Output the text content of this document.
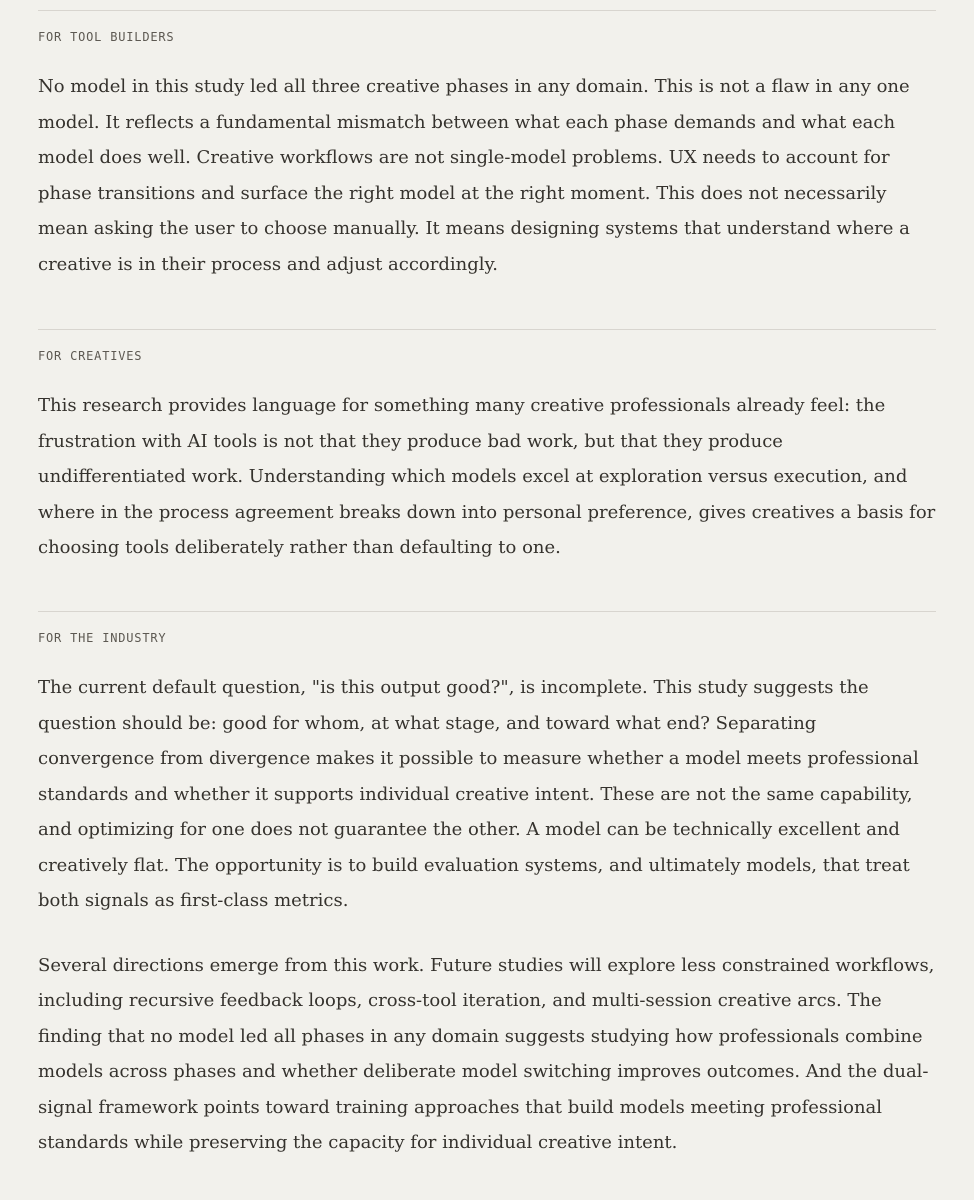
FOR TOOL BUILDERS

No model in this study led all three creative phases in any domain. This is not a flaw in any one model. It reflects a fundamental mismatch between what each phase demands and what each model does well. Creative workflows are not single-model problems. UX needs to account for phase transitions and surface the right model at the right moment. This does not necessarily mean asking the user to choose manually. It means designing systems that understand where a creative is in their process and adjust accordingly.

FOR CREATIVES

This research provides language for something many creative professionals already feel: the frustration with AI tools is not that they produce bad work, but that they produce undifferentiated work. Understanding which models excel at exploration versus execution, and where in the process agreement breaks down into personal preference, gives creatives a basis for choosing tools deliberately rather than defaulting to one.

FOR THE INDUSTRY

The current default question, "is this output good?", is incomplete. This study suggests the question should be: good for whom, at what stage, and toward what end? Separating convergence from divergence makes it possible to measure whether a model meets professional standards and whether it supports individual creative intent. These are not the same capability, and optimizing for one does not guarantee the other. A model can be technically excellent and creatively flat. The opportunity is to build evaluation systems, and ultimately models, that treat both signals as first-class metrics.

Several directions emerge from this work. Future studies will explore less constrained workflows, including recursive feedback loops, cross-tool iteration, and multi-session creative arcs. The finding that no model led all phases in any domain suggests studying how professionals combine models across phases and whether deliberate model switching improves outcomes. And the dual-signal framework points toward training approaches that build models meeting professional standards while preserving the capacity for individual creative intent.
